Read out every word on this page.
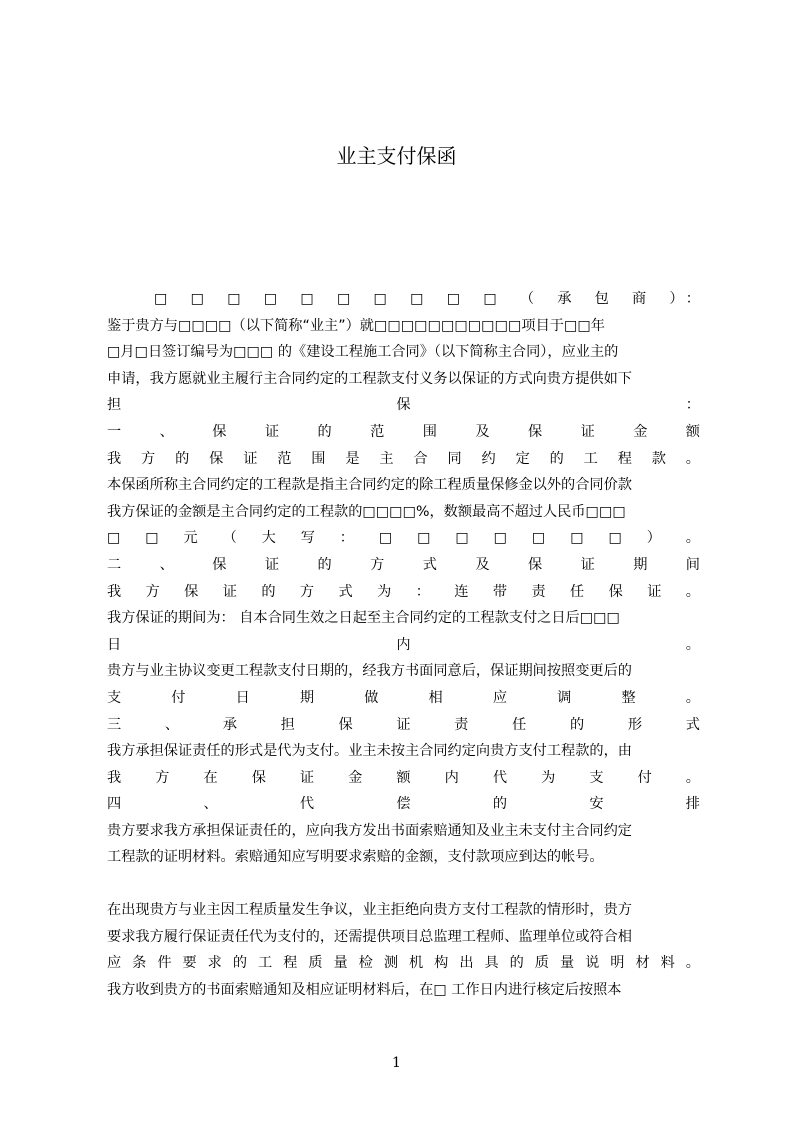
业主支付保函
　　□ □ □ □ □ □ □ □ □ □ （ 承 包 商 ）：
鉴于贵方与□□□□（以下简称“业主”）就□□□□□□□□□□□项目于□□年
□月□日签订编号为□□□ 的《建设工程施工合同》（以下简称主合同），应业主的
申请，我方愿就业主履行主合同约定的工程款支付义务以保证的方式向贵方提供如下
担 保 ：
一 、 保 证 的 范 围 及 保 证 金 额
我 方 的 保 证 范 围 是 主 合 同 约 定 的 工 程 款 。
本保函所称主合同约定的工程款是指主合同约定的除工程质量保修金以外的合同价款
我方保证的金额是主合同约定的工程款的□□□□%，数额最高不超过人民币□□□
□ □ 元 （ 大 写 ： □ □ □ □ □ □ □ ） 。
二 、 保 证 的 方 式 及 保 证 期 间
我 方 保 证 的 方 式 为 ： 连 带 责 任 保 证 。
我方保证的期间为： 自本合同生效之日起至主合同约定的工程款支付之日后□□□
日 内 。
贵方与业主协议变更工程款支付日期的，经我方书面同意后，保证期间按照变更后的
支 付 日 期 做 相 应 调 整 。
三 、 承 担 保 证 责 任 的 形 式
我方承担保证责任的形式是代为支付。业主未按主合同约定向贵方支付工程款的，由
我 方 在 保 证 金 额 内 代 为 支 付 。
四 、 代 偿 的 安 排
贵方要求我方承担保证责任的，应向我方发出书面索赔通知及业主未支付主合同约定
工程款的证明材料。索赔通知应写明要求索赔的金额，支付款项应到达的帐号。
在出现贵方与业主因工程质量发生争议，业主拒绝向贵方支付工程款的情形时，贵方
要求我方履行保证责任代为支付的，还需提供项目总监理工程师、监理单位或符合相
应 条 件 要 求 的 工 程 质 量 检 测 机 构 出 具 的 质 量 说 明 材 料 。
我方收到贵方的书面索赔通知及相应证明材料后，在□ 工作日内进行核定后按照本
1
